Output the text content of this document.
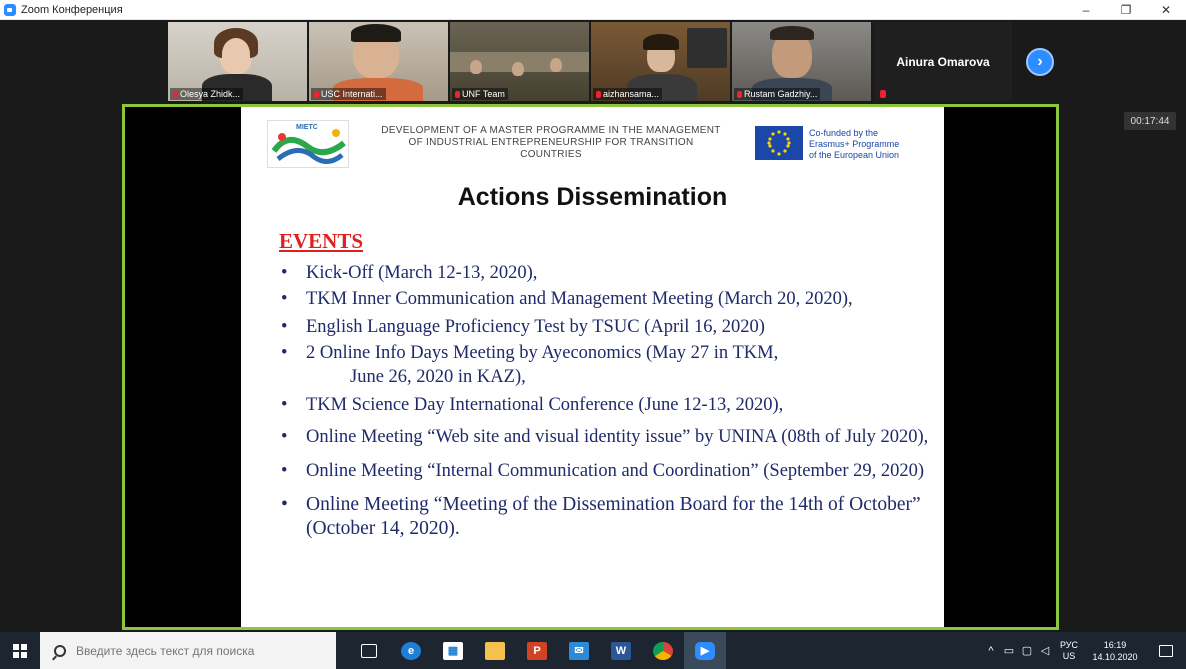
Zoom Конференция	–	❐	✕
Olesya Zhidk...	USC Internati...	UNF Team	aizhansama...	Rustam Gadzhiy...
Ainura Omarova	›
00:17:44
MIETC	DEVELOPMENT OF A MASTER PROGRAMME IN THE MANAGEMENT OF INDUSTRIAL ENTREPRENEURSHIP FOR TRANSITION COUNTRIES
Co-funded by the
Erasmus+ Programme
of the European Union
Actions Dissemination
EVENTS
• Kick-Off (March 12-13, 2020),
• TKM Inner Communication and Management Meeting (March 20, 2020),
• English Language Proficiency Test by TSUC (April 16, 2020)
• 2 Online Info Days Meeting by Ayeconomics (May 27 in TKM,
June 26, 2020 in KAZ),
• TKM Science Day International Conference (June 12-13, 2020),
• Online Meeting “Web site and visual identity issue” by UNINA (08th of July 2020),
• Online Meeting “Internal Communication and Coordination” (September 29, 2020)
• Online Meeting “Meeting of the Dissemination Board for the 14th of October” (October 14, 2020).
Введите здесь текст для поиска
e	▦	P	✉	W	▶	^ ▭ ▢ ◁
РУС
US
16:19
14.10.2020
